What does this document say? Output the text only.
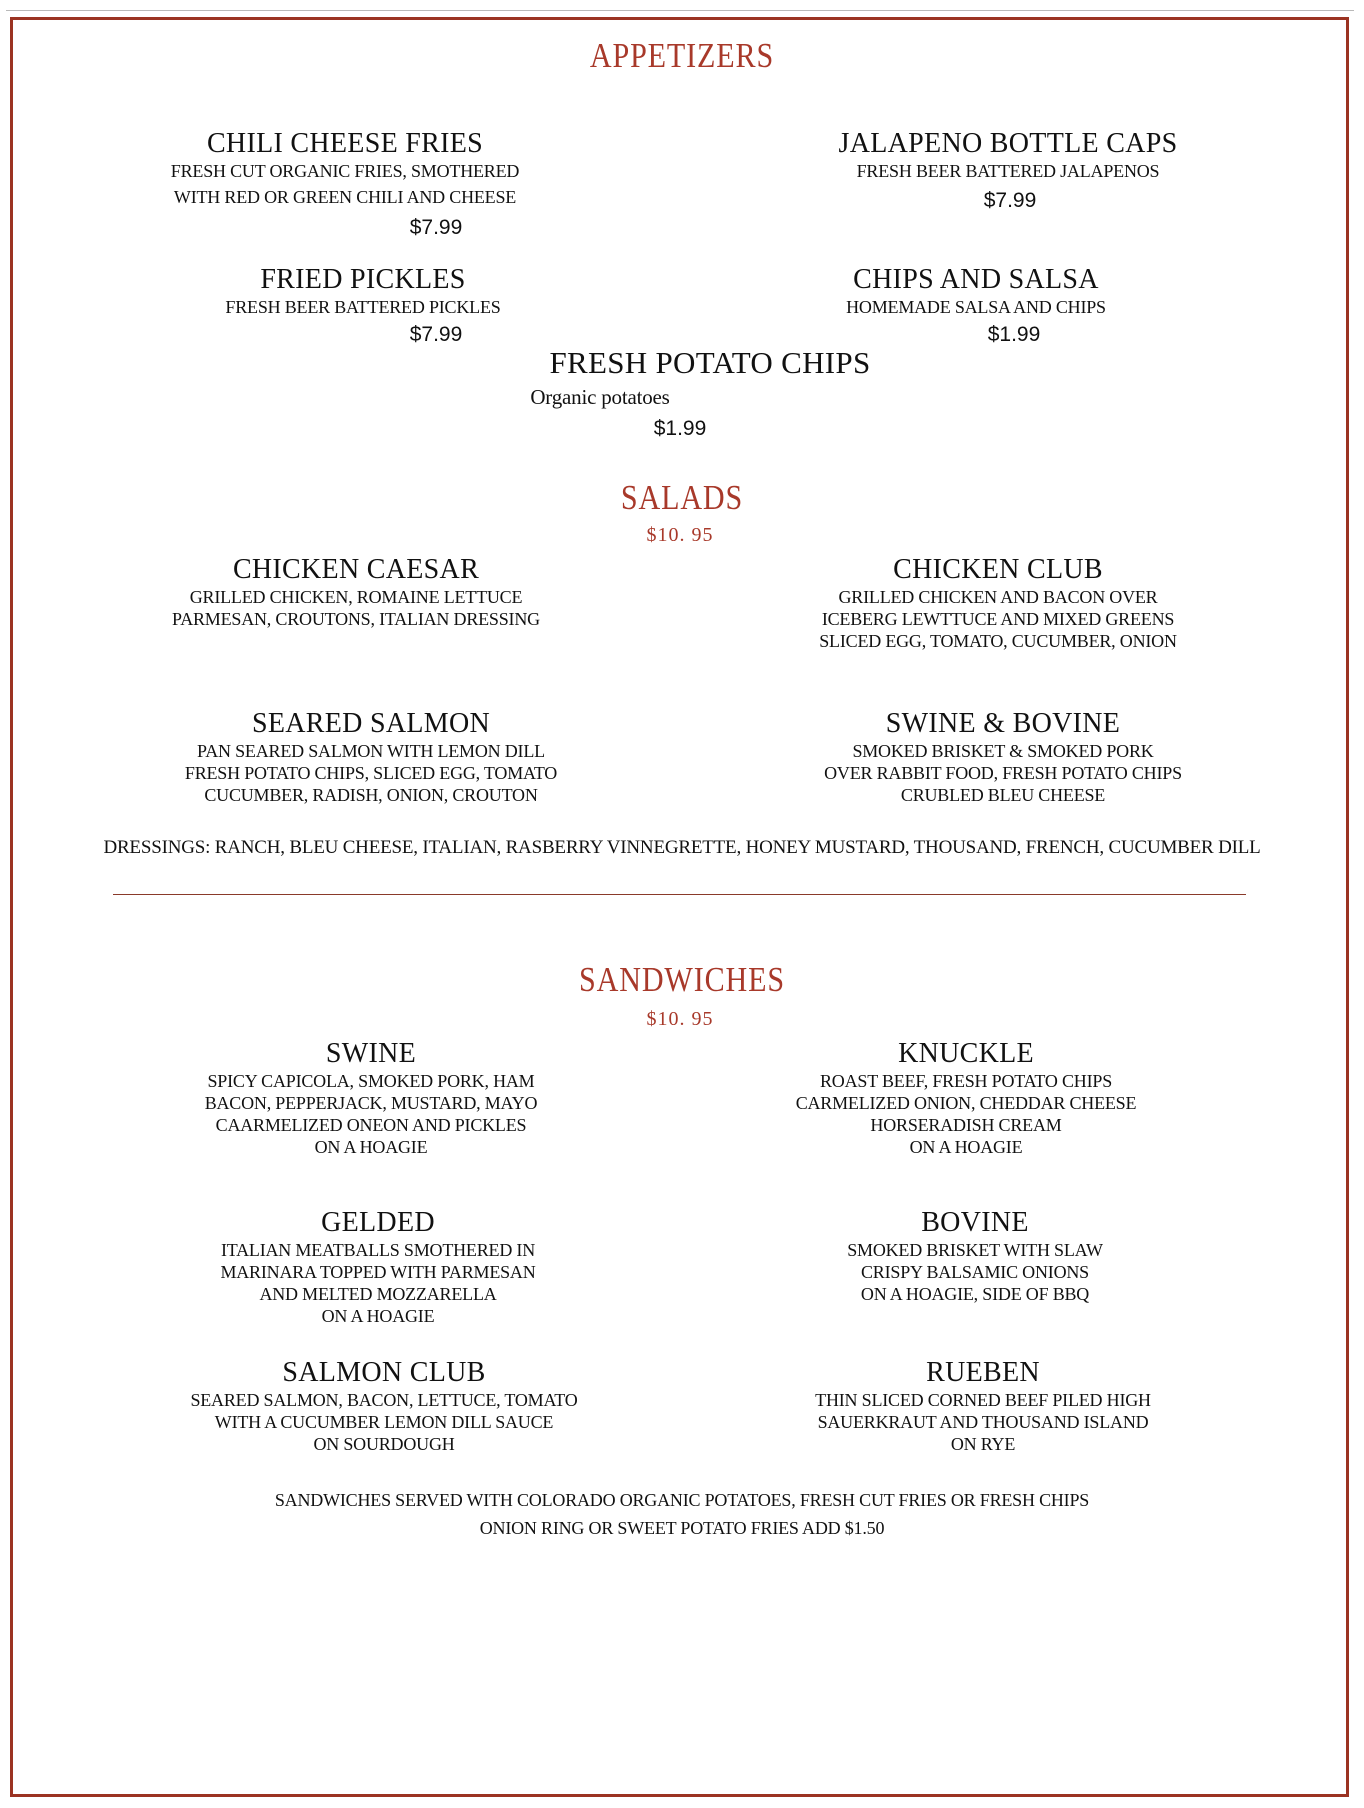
APPETIZERS
CHILI CHEESE FRIES
FRESH CUT ORGANIC FRIES, SMOTHERED
WITH RED OR GREEN CHILI AND CHEESE
$7.99
JALAPENO BOTTLE CAPS
FRESH BEER BATTERED JALAPENOS
$7.99
FRIED PICKLES
FRESH BEER BATTERED PICKLES
$7.99
CHIPS AND SALSA
HOMEMADE SALSA AND CHIPS
$1.99
FRESH POTATO CHIPS
Organic potatoes
$1.99
SALADS
$10. 95
CHICKEN CAESAR
GRILLED CHICKEN, ROMAINE LETTUCE
PARMESAN, CROUTONS, ITALIAN DRESSING
CHICKEN CLUB
GRILLED CHICKEN AND BACON OVER
ICEBERG LEWTTUCE AND MIXED GREENS
SLICED EGG, TOMATO, CUCUMBER, ONION
SEARED SALMON
PAN SEARED SALMON WITH LEMON DILL
FRESH POTATO CHIPS, SLICED EGG, TOMATO
CUCUMBER, RADISH, ONION, CROUTON
SWINE & BOVINE
SMOKED BRISKET & SMOKED PORK
OVER RABBIT FOOD, FRESH POTATO CHIPS
CRUBLED BLEU CHEESE
DRESSINGS: RANCH, BLEU CHEESE, ITALIAN, RASBERRY VINNEGRETTE, HONEY MUSTARD, THOUSAND, FRENCH, CUCUMBER DILL
SANDWICHES
$10. 95
SWINE
SPICY CAPICOLA, SMOKED PORK, HAM
BACON, PEPPERJACK, MUSTARD, MAYO
CAARMELIZED ONEON AND PICKLES
ON A HOAGIE
KNUCKLE
ROAST BEEF, FRESH POTATO CHIPS
CARMELIZED ONION, CHEDDAR CHEESE
HORSERADISH CREAM
ON A HOAGIE
GELDED
ITALIAN MEATBALLS SMOTHERED IN
MARINARA TOPPED WITH PARMESAN
AND MELTED MOZZARELLA
ON A HOAGIE
BOVINE
SMOKED BRISKET WITH SLAW
CRISPY BALSAMIC ONIONS
ON A HOAGIE, SIDE OF BBQ
SALMON CLUB
SEARED SALMON, BACON, LETTUCE, TOMATO
WITH A CUCUMBER LEMON DILL SAUCE
ON SOURDOUGH
RUEBEN
THIN SLICED CORNED BEEF PILED HIGH
SAUERKRAUT AND THOUSAND ISLAND
ON RYE
SANDWICHES SERVED WITH COLORADO ORGANIC POTATOES, FRESH CUT FRIES OR FRESH CHIPS
ONION RING OR SWEET POTATO FRIES ADD $1.50
